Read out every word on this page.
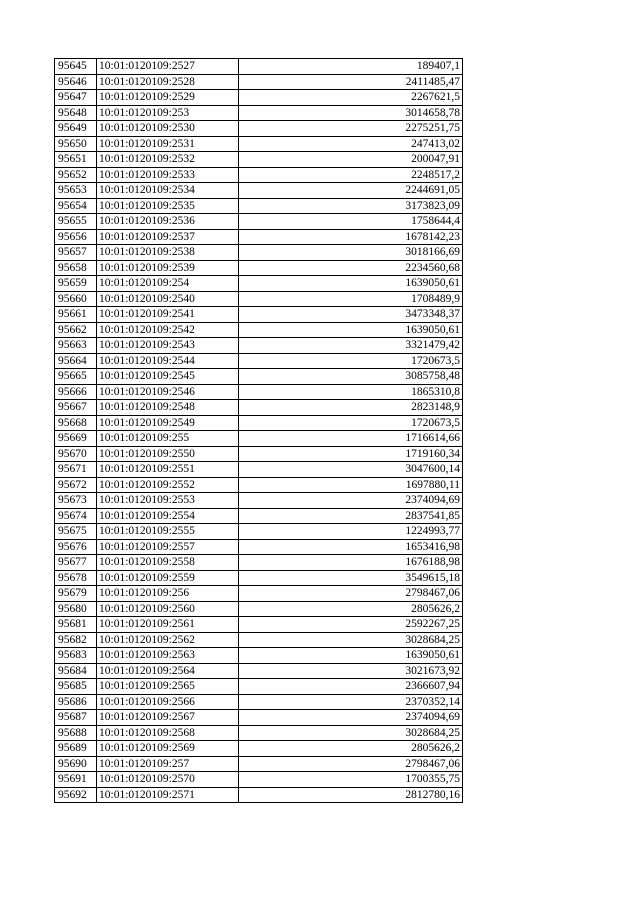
95645	10:01:0120109:2527	189407,1
95646	10:01:0120109:2528	2411485,47
95647	10:01:0120109:2529	2267621,5
95648	10:01:0120109:253	3014658,78
95649	10:01:0120109:2530	2275251,75
95650	10:01:0120109:2531	247413,02
95651	10:01:0120109:2532	200047,91
95652	10:01:0120109:2533	2248517,2
95653	10:01:0120109:2534	2244691,05
95654	10:01:0120109:2535	3173823,09
95655	10:01:0120109:2536	1758644,4
95656	10:01:0120109:2537	1678142,23
95657	10:01:0120109:2538	3018166,69
95658	10:01:0120109:2539	2234560,68
95659	10:01:0120109:254	1639050,61
95660	10:01:0120109:2540	1708489,9
95661	10:01:0120109:2541	3473348,37
95662	10:01:0120109:2542	1639050,61
95663	10:01:0120109:2543	3321479,42
95664	10:01:0120109:2544	1720673,5
95665	10:01:0120109:2545	3085758,48
95666	10:01:0120109:2546	1865310,8
95667	10:01:0120109:2548	2823148,9
95668	10:01:0120109:2549	1720673,5
95669	10:01:0120109:255	1716614,66
95670	10:01:0120109:2550	1719160,34
95671	10:01:0120109:2551	3047600,14
95672	10:01:0120109:2552	1697880,11
95673	10:01:0120109:2553	2374094,69
95674	10:01:0120109:2554	2837541,85
95675	10:01:0120109:2555	1224993,77
95676	10:01:0120109:2557	1653416,98
95677	10:01:0120109:2558	1676188,98
95678	10:01:0120109:2559	3549615,18
95679	10:01:0120109:256	2798467,06
95680	10:01:0120109:2560	2805626,2
95681	10:01:0120109:2561	2592267,25
95682	10:01:0120109:2562	3028684,25
95683	10:01:0120109:2563	1639050,61
95684	10:01:0120109:2564	3021673,92
95685	10:01:0120109:2565	2366607,94
95686	10:01:0120109:2566	2370352,14
95687	10:01:0120109:2567	2374094,69
95688	10:01:0120109:2568	3028684,25
95689	10:01:0120109:2569	2805626,2
95690	10:01:0120109:257	2798467,06
95691	10:01:0120109:2570	1700355,75
95692	10:01:0120109:2571	2812780,16
